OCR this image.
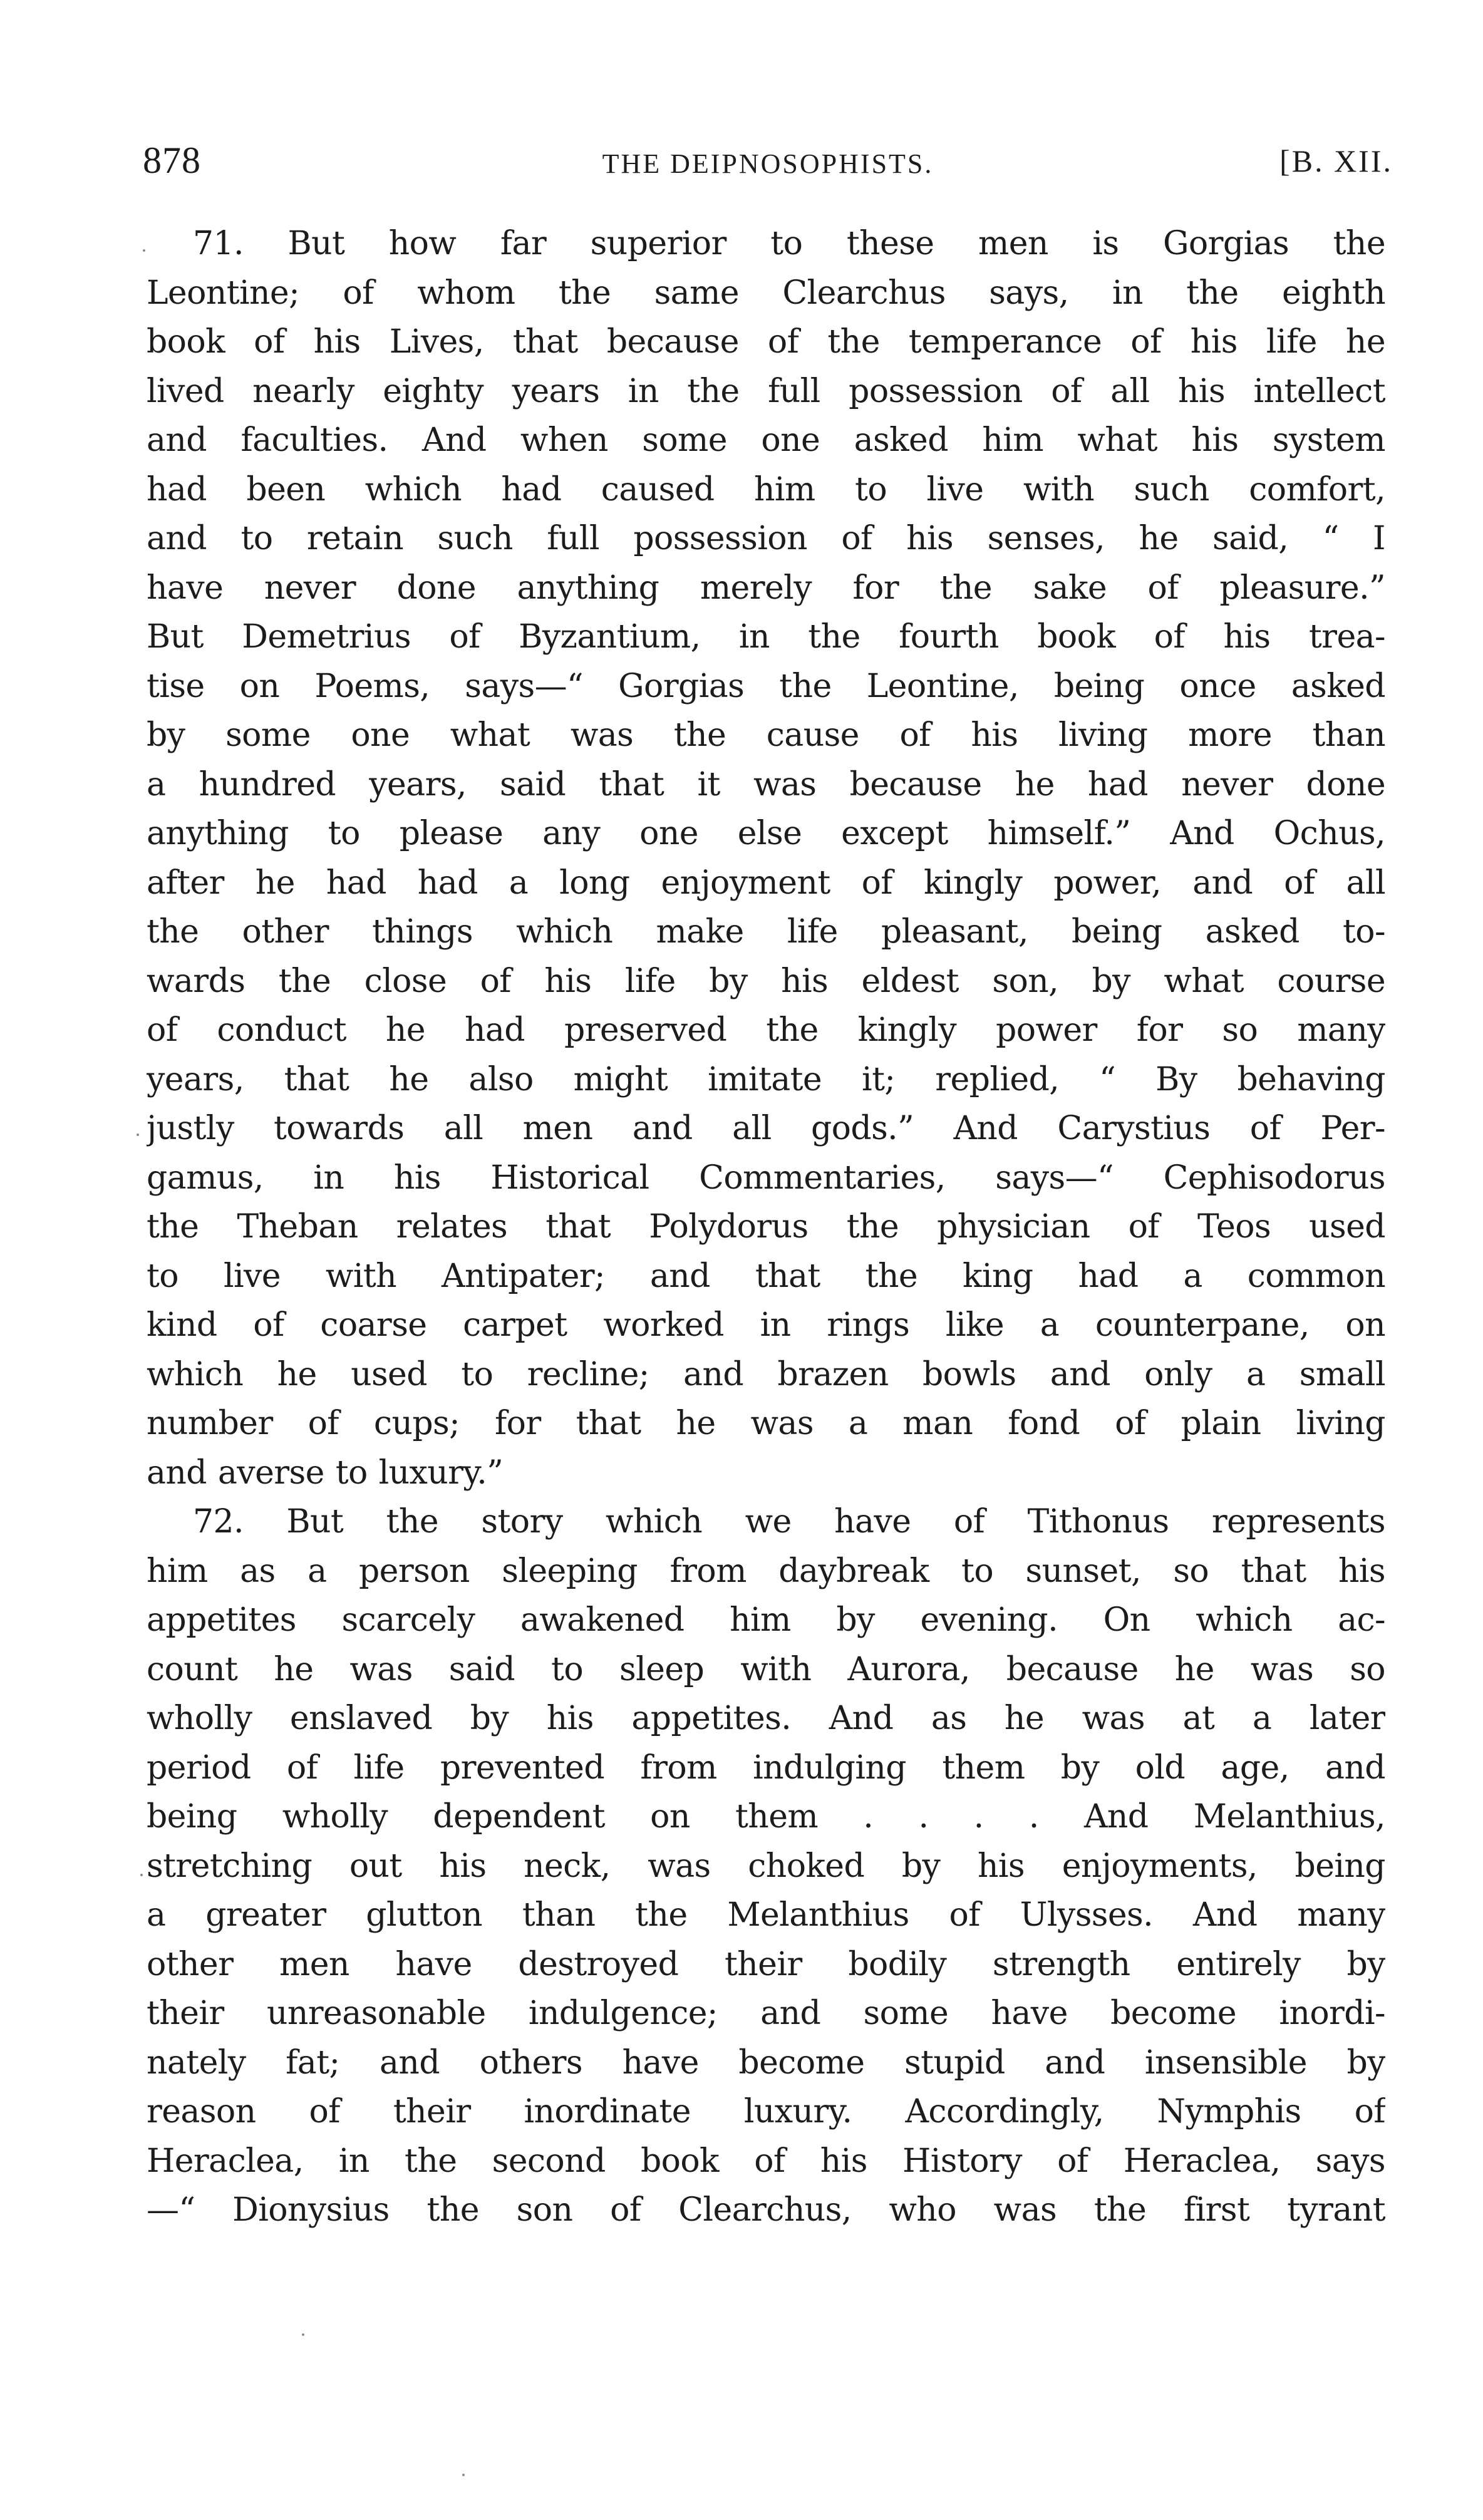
878	THE DEIPNOSOPHISTS.	[B. XII.
71. But how far superior to these men is Gorgias the
Leontine; of whom the same Clearchus says, in the eighth
book of his Lives, that because of the temperance of his life he
lived nearly eighty years in the full possession of all his intellect
and faculties. And when some one asked him what his system
had been which had caused him to live with such comfort,
and to retain such full possession of his senses, he said, “ I
have never done anything merely for the sake of pleasure.”
But Demetrius of Byzantium, in the fourth book of his trea-
tise on Poems, says—“ Gorgias the Leontine, being once asked
by some one what was the cause of his living more than
a hundred years, said that it was because he had never done
anything to please any one else except himself.” And Ochus,
after he had had a long enjoyment of kingly power, and of all
the other things which make life pleasant, being asked to-
wards the close of his life by his eldest son, by what course
of conduct he had preserved the kingly power for so many
years, that he also might imitate it; replied, “ By behaving
justly towards all men and all gods.” And Carystius of Per-
gamus, in his Historical Commentaries, says—“ Cephisodorus
the Theban relates that Polydorus the physician of Teos used
to live with Antipater; and that the king had a common
kind of coarse carpet worked in rings like a counterpane, on
which he used to recline; and brazen bowls and only a small
number of cups; for that he was a man fond of plain living
and averse to luxury.”
72. But the story which we have of Tithonus represents
him as a person sleeping from daybreak to sunset, so that his
appetites scarcely awakened him by evening. On which ac-
count he was said to sleep with Aurora, because he was so
wholly enslaved by his appetites. And as he was at a later
period of life prevented from indulging them by old age, and
being wholly dependent on them . . . . And Melanthius,
stretching out his neck, was choked by his enjoyments, being
a greater glutton than the Melanthius of Ulysses. And many
other men have destroyed their bodily strength entirely by
their unreasonable indulgence; and some have become inordi-
nately fat; and others have become stupid and insensible by
reason of their inordinate luxury. Accordingly, Nymphis of
Heraclea, in the second book of his History of Heraclea, says
—“ Dionysius the son of Clearchus, who was the first tyrant
